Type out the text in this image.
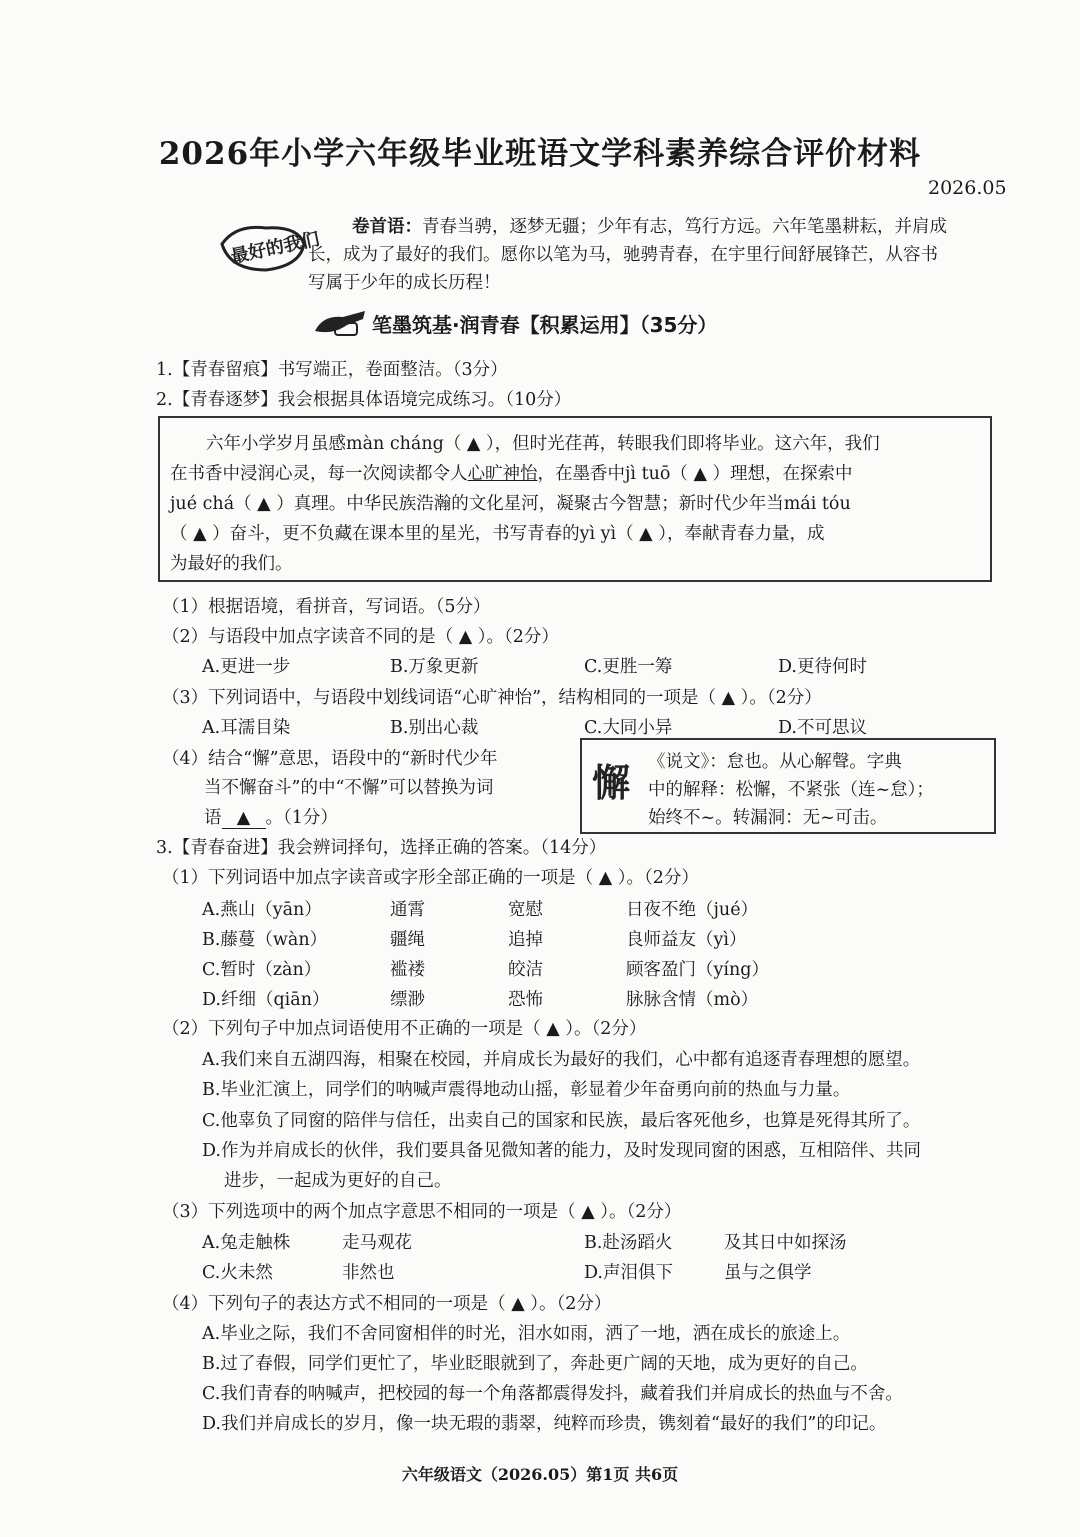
2026年小学六年级毕业班语文学科素养综合评价材料
2026.05
最好的我们
卷首语：青春当骋，逐梦无疆；少年有志，笃行方远。六年笔墨耕耘，并肩成
长，成为了最好的我们。愿你以笔为马，驰骋青春，在宇里行间舒展锋芒，从容书
写属于少年的成长历程！
笔墨筑基·润青春【积累运用】（35分）
1.【青春留痕】书写端正，卷面整洁。（3分）
2.【青春逐梦】我会根据具体语境完成练习。（10分）
六年小学岁月虽感màn cháng（ ▲ ），但时光荏苒，转眼我们即将毕业。这六年，我们
在书香中浸润心灵，每一次阅读都令人心旷神怡，在墨香中jì tuō（ ▲ ）理想，在探索中
jué chá（ ▲ ）真理。中华民族浩瀚的文化星河，凝聚古今智慧；新时代少年当mái tóu
（ ▲ ）奋斗，更不负藏在课本里的星光，书写青春的yì yì（ ▲ ），奉献青春力量，成
为最好的我们。
（1）根据语境，看拼音，写词语。（5分）
（2）与语段中加点字读音不同的是（ ▲ ）。（2分）
A.更进一步	B.万象更新	C.更胜一筹	D.更待何时
（3）下列词语中，与语段中划线词语“心旷神怡”，结构相同的一项是（ ▲ ）。（2分）
A.耳濡目染	B.别出心裁	C.大同小异	D.不可思议
（4）结合“懈”意思，语段中的“新时代少年
当不懈奋斗”的中“不懈”可以替换为词
语 ▲ 。（1分）
懈 《说文》：怠也。从心解聲。字典
中的解释：松懈，不紧张（连~怠）；
始终不~。转漏洞：无~可击。
3.【青春奋进】我会辨词择句，选择正确的答案。（14分）
（1）下列词语中加点字读音或字形全部正确的一项是（ ▲ ）。（2分）
A.燕山（yān）	通霄	宽慰	日夜不绝（jué）
B.藤蔓（wàn）	疆绳	追掉	良师益友（yì）
C.暂时（zàn）	褴褛	皎洁	顾客盈门（yíng）
D.纤细（qiān）	缥渺	恐怖	脉脉含情（mò）
（2）下列句子中加点词语使用不正确的一项是（ ▲ ）。（2分）
A.我们来自五湖四海，相聚在校园，并肩成长为最好的我们，心中都有追逐青春理想的愿望。
B.毕业汇演上，同学们的呐喊声震得地动山摇，彰显着少年奋勇向前的热血与力量。
C.他辜负了同窗的陪伴与信任，出卖自己的国家和民族，最后客死他乡，也算是死得其所了。
D.作为并肩成长的伙伴，我们要具备见微知著的能力，及时发现同窗的困惑，互相陪伴、共同
进步，一起成为更好的自己。
（3）下列选项中的两个加点字意思不相同的一项是（ ▲ ）。（2分）
A.兔走触株	走马观花	B.赴汤蹈火	及其日中如探汤
C.火未然	非然也	D.声泪俱下	虽与之俱学
（4）下列句子的表达方式不相同的一项是（ ▲ ）。（2分）
A.毕业之际，我们不舍同窗相伴的时光，泪水如雨，洒了一地，洒在成长的旅途上。
B.过了春假，同学们更忙了，毕业眨眼就到了，奔赴更广阔的天地，成为更好的自己。
C.我们青春的呐喊声，把校园的每一个角落都震得发抖，藏着我们并肩成长的热血与不舍。
D.我们并肩成长的岁月，像一块无瑕的翡翠，纯粹而珍贵，镌刻着“最好的我们”的印记。
六年级语文（2026.05）第1页 共6页
